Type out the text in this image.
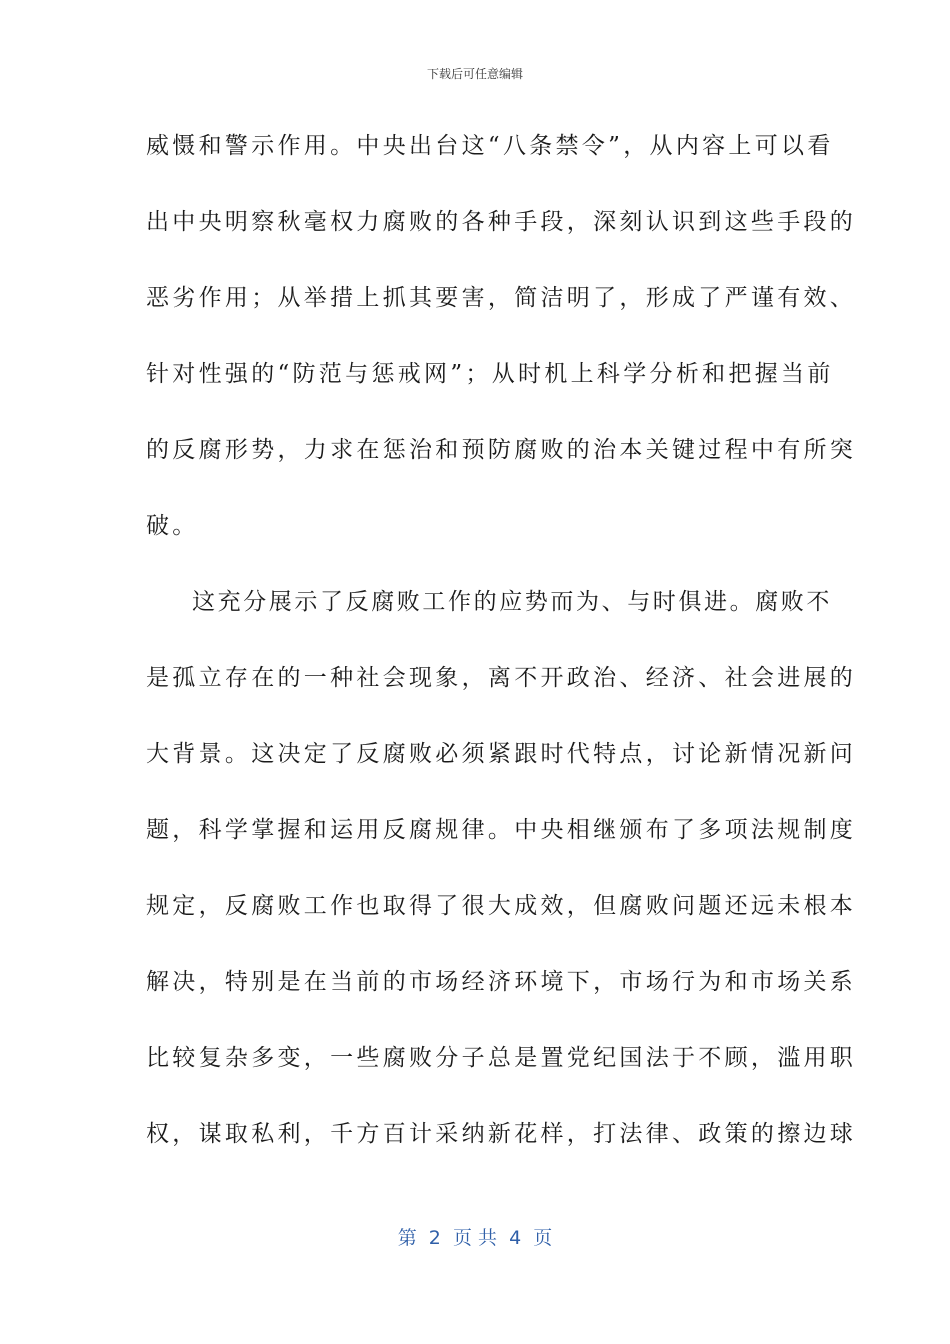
下载后可任意编辑
威慑和警示作用。中央出台这“八条禁令”，从内容上可以看
出中央明察秋毫权力腐败的各种手段，深刻认识到这些手段的
恶劣作用；从举措上抓其要害，简洁明了，形成了严谨有效、
针对性强的“防范与惩戒网”；从时机上科学分析和把握当前
的反腐形势，力求在惩治和预防腐败的治本关键过程中有所突
破。
这充分展示了反腐败工作的应势而为、与时俱进。腐败不
是孤立存在的一种社会现象，离不开政治、经济、社会进展的
大背景。这决定了反腐败必须紧跟时代特点，讨论新情况新问
题，科学掌握和运用反腐规律。中央相继颁布了多项法规制度
规定，反腐败工作也取得了很大成效，但腐败问题还远未根本
解决，特别是在当前的市场经济环境下，市场行为和市场关系
比较复杂多变，一些腐败分子总是置党纪国法于不顾，滥用职
权，谋取私利，千方百计采纳新花样，打法律、政策的擦边球
第  2  页 共  4  页
